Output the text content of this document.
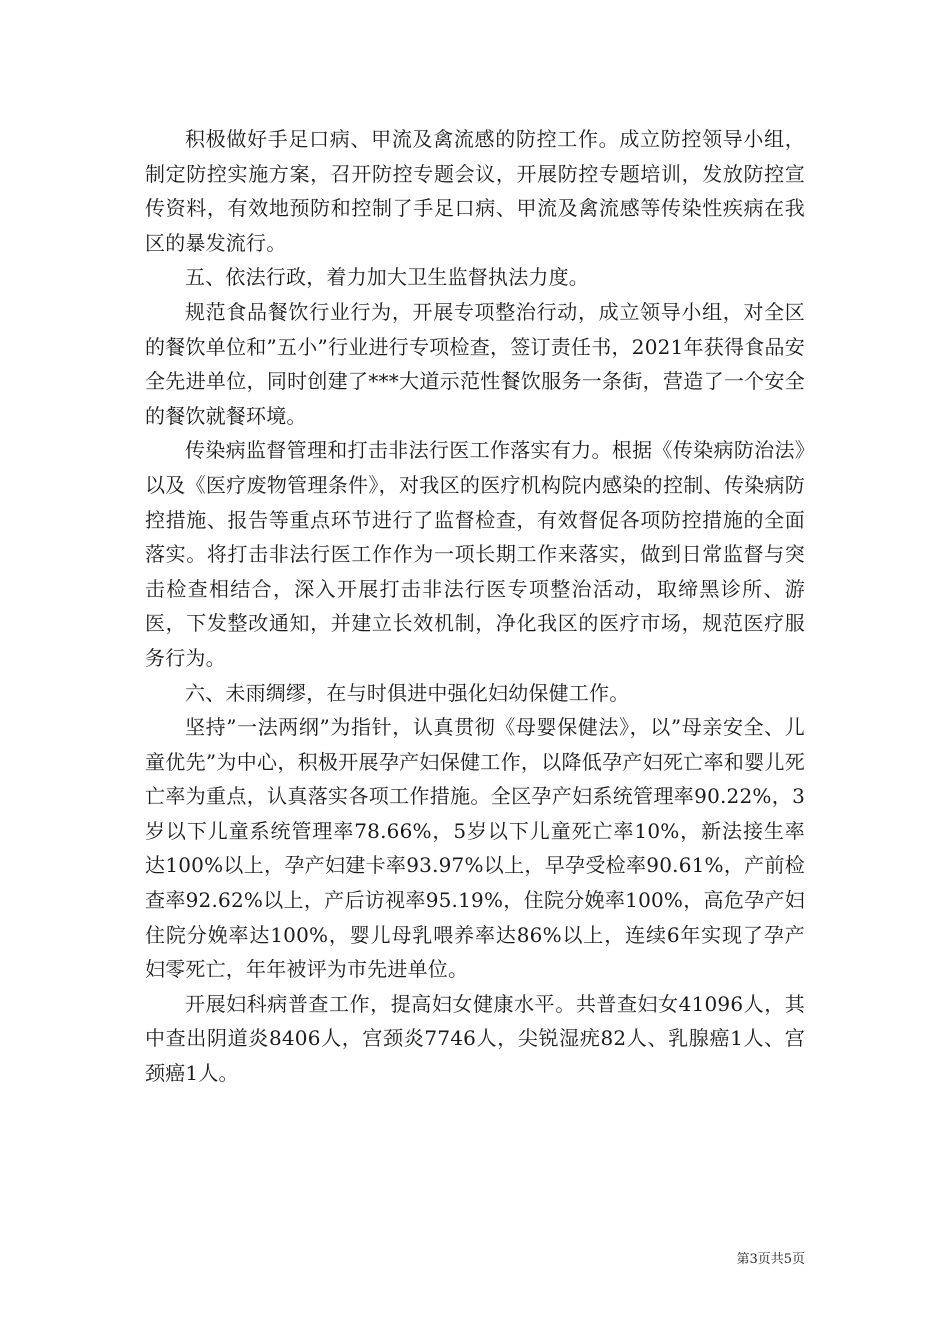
积极做好手足口病、甲流及禽流感的防控工作。成立防控领导小组，制定防控实施方案，召开防控专题会议，开展防控专题培训，发放防控宣传资料，有效地预防和控制了手足口病、甲流及禽流感等传染性疾病在我区的暴发流行。

五、依法行政，着力加大卫生监督执法力度。

规范食品餐饮行业行为，开展专项整治行动，成立领导小组，对全区的餐饮单位和”五小”行业进行专项检查，签订责任书，2021年获得食品安全先进单位，同时创建了***大道示范性餐饮服务一条街，营造了一个安全的餐饮就餐环境。

传染病监督管理和打击非法行医工作落实有力。根据《传染病防治法》以及《医疗废物管理条件》，对我区的医疗机构院内感染的控制、传染病防控措施、报告等重点环节进行了监督检查，有效督促各项防控措施的全面落实。将打击非法行医工作作为一项长期工作来落实，做到日常监督与突击检查相结合，深入开展打击非法行医专项整治活动，取缔黑诊所、游医，下发整改通知，并建立长效机制，净化我区的医疗市场，规范医疗服务行为。

六、未雨绸缪，在与时俱进中强化妇幼保健工作。

坚持”一法两纲”为指针，认真贯彻《母婴保健法》，以”母亲安全、儿童优先”为中心，积极开展孕产妇保健工作，以降低孕产妇死亡率和婴儿死亡率为重点，认真落实各项工作措施。全区孕产妇系统管理率90.22%，3岁以下儿童系统管理率78.66%，5岁以下儿童死亡率10%，新法接生率达100%以上，孕产妇建卡率93.97%以上，早孕受检率90.61%，产前检查率92.62%以上，产后访视率95.19%，住院分娩率100%，高危孕产妇住院分娩率达100%，婴儿母乳喂养率达86%以上，连续6年实现了孕产妇零死亡，年年被评为市先进单位。

开展妇科病普查工作，提高妇女健康水平。共普查妇女41096人，其中查出阴道炎8406人，宫颈炎7746人，尖锐湿疣82人、乳腺癌1人、宫颈癌1人。

第3页共5页
